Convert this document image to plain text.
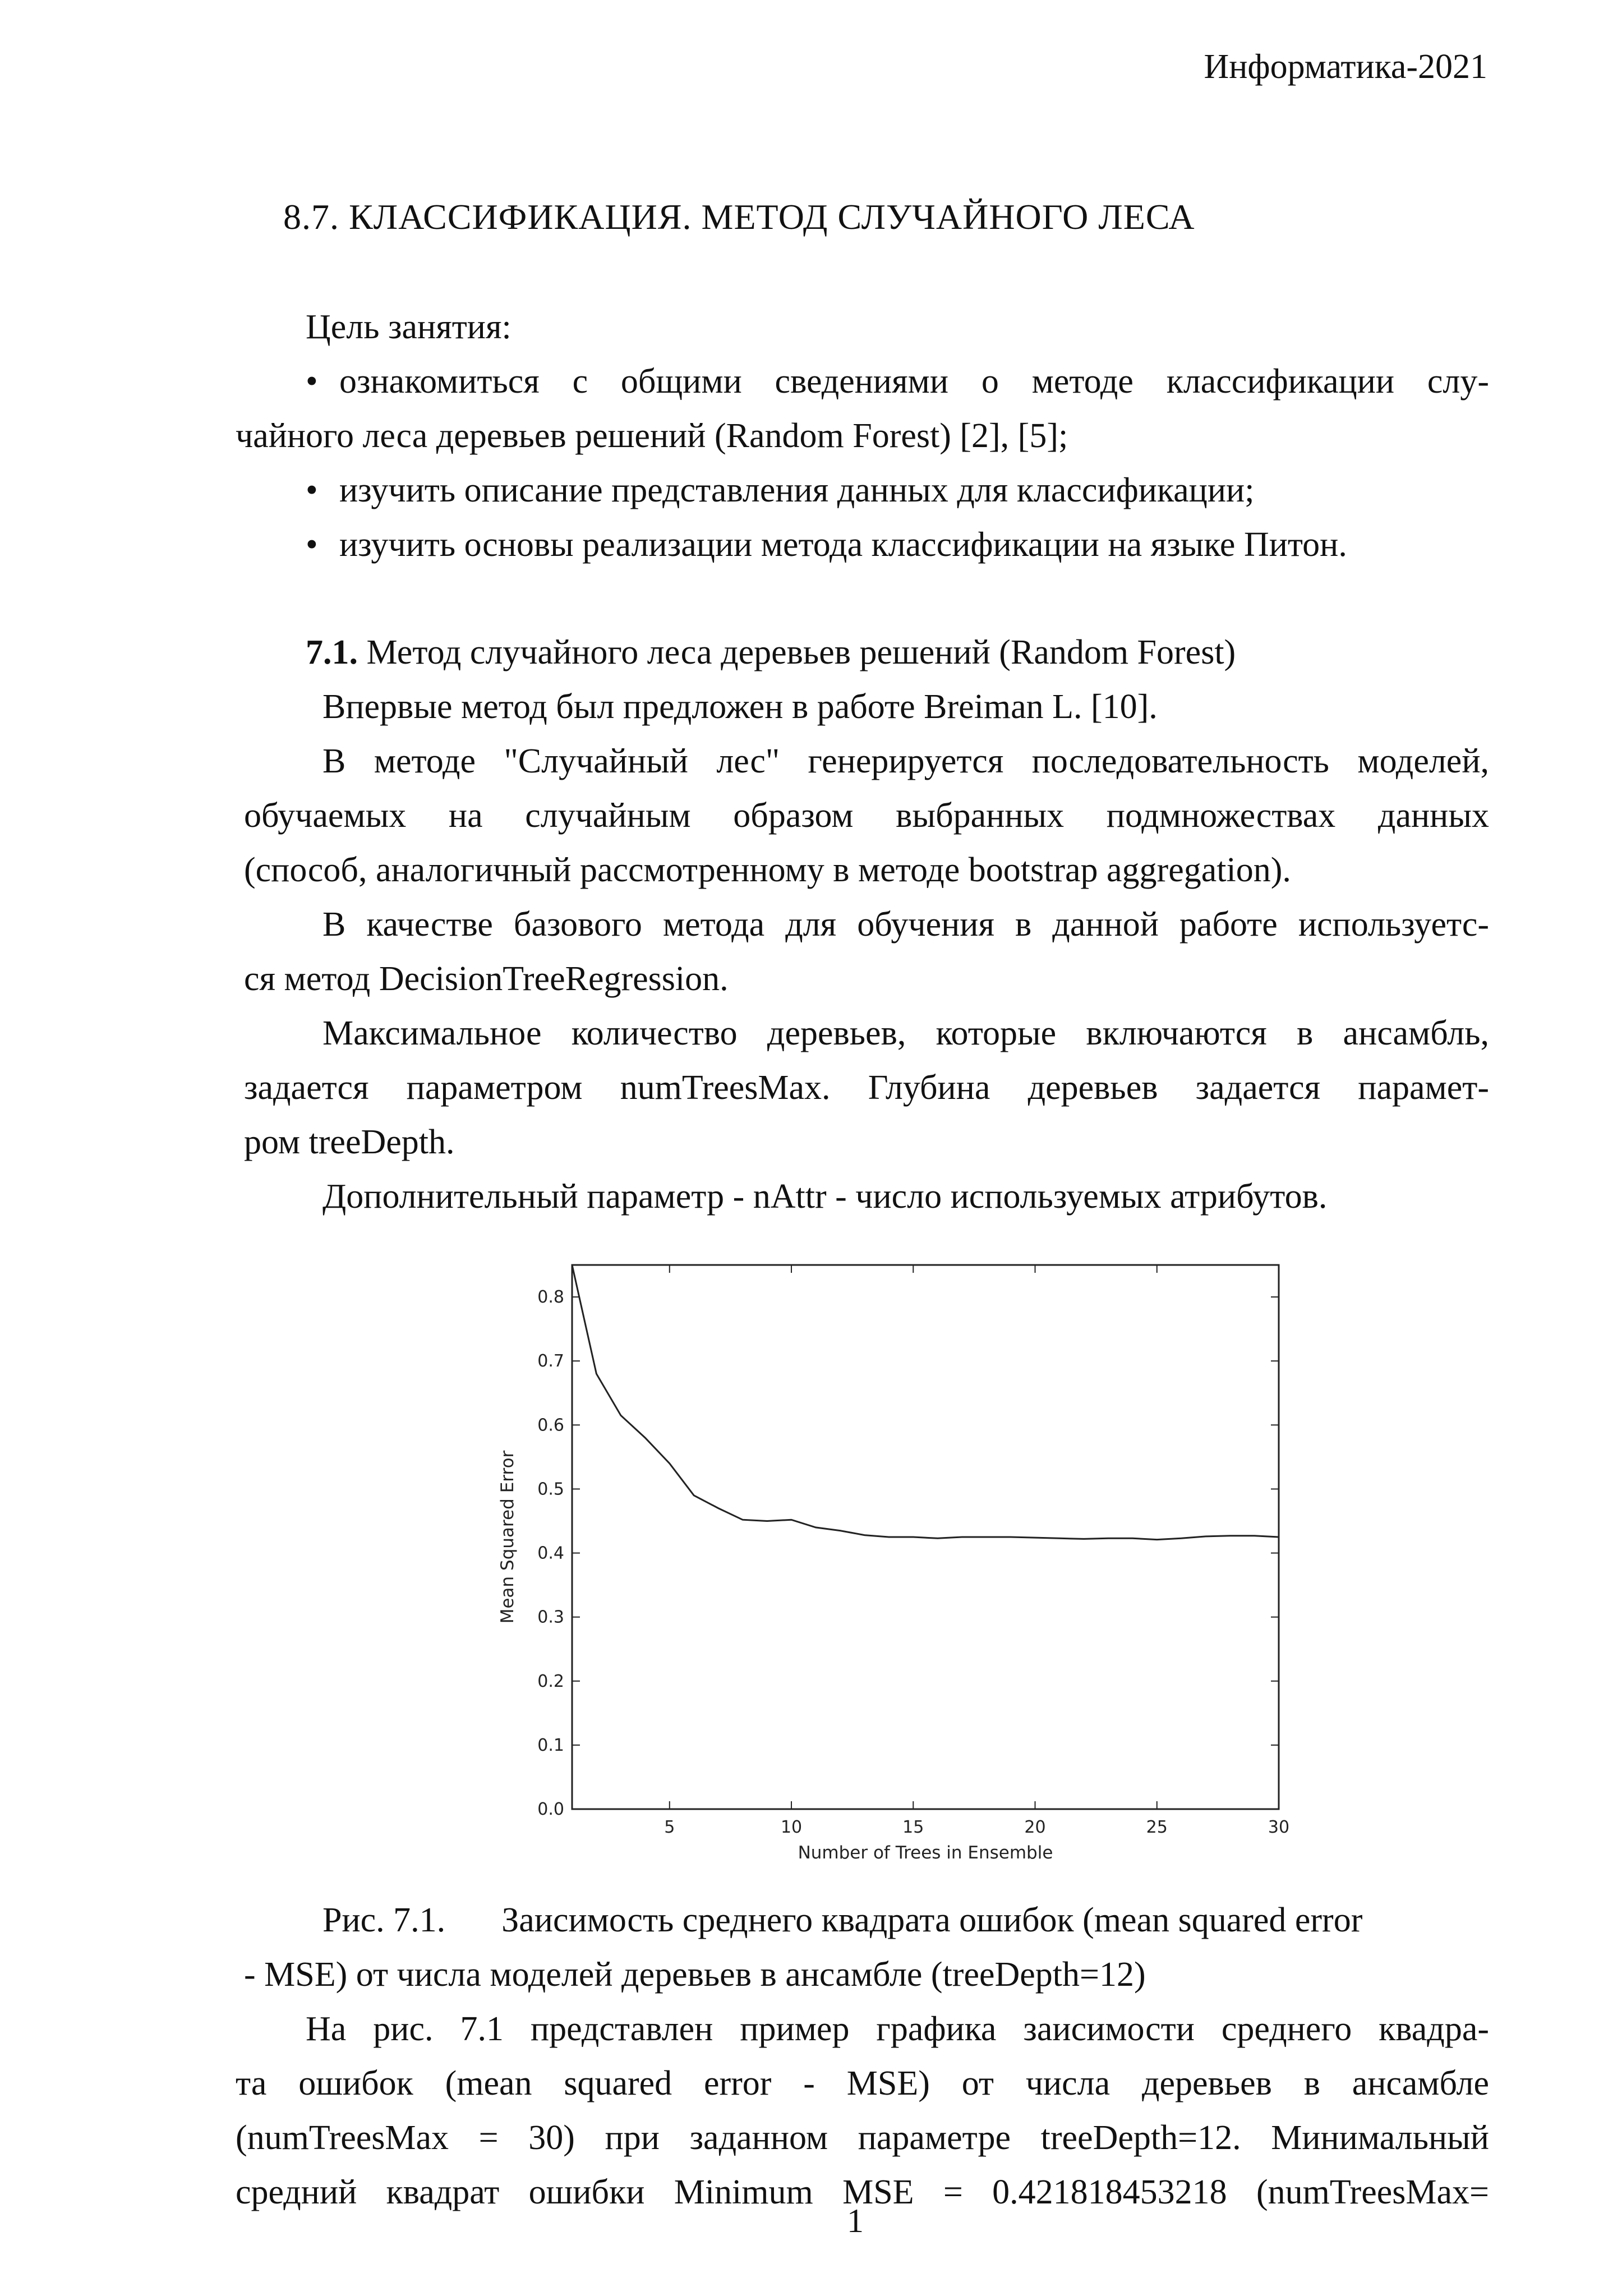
Информатика-2021
8.7. КЛАССИФИКАЦИЯ. МЕТОД СЛУЧАЙНОГО ЛЕСА
Цель занятия:
• ознакомиться с общими сведениями о методе классификации слу-
чайного леса деревьев решений (Random Forest) [2], [5];
• изучить описание представления данных для классификации;
• изучить основы реализации метода классификации на языке Питон.
7.1. Метод случайного леса деревьев решений (Random Forest)
Впервые метод был предложен в работе Breiman L. [10].
В методе "Случайный лес" генерируется последовательность моделей,
обучаемых на случайным образом выбранных подмножествах данных
(способ, аналогичный рассмотренному в методе bootstrap aggregation).
В качестве базового метода для обучения в данной работе используетс-
ся метод DecisionTreeRegression.
Максимальное количество деревьев, которые включаются в ансамбль,
задается параметром numTreesMax. Глубина деревьев задается парамет-
ром treeDepth.
Дополнительный параметр - nAttr - число используемых атрибутов.
0.0
0.1
0.2
0.3
0.4
0.5
0.6
0.7
0.8
5	10	15	20	25	30
Mean Squared Error
Number of Trees in Ensemble
Рис. 7.1. Заисимость среднего квадрата ошибок (mean squared error
- MSE) от числа моделей деревьев в ансамбле (treeDepth=12)
На рис. 7.1 представлен пример графика заисимости среднего квадра-
та ошибок (mean squared error - MSE) от числа деревьев в ансамбле
(numTreesMax = 30) при заданном параметре treeDepth=12. Минимальный
средний квадрат ошибки Minimum MSE = 0.421818453218 (numTreesMax=
1
